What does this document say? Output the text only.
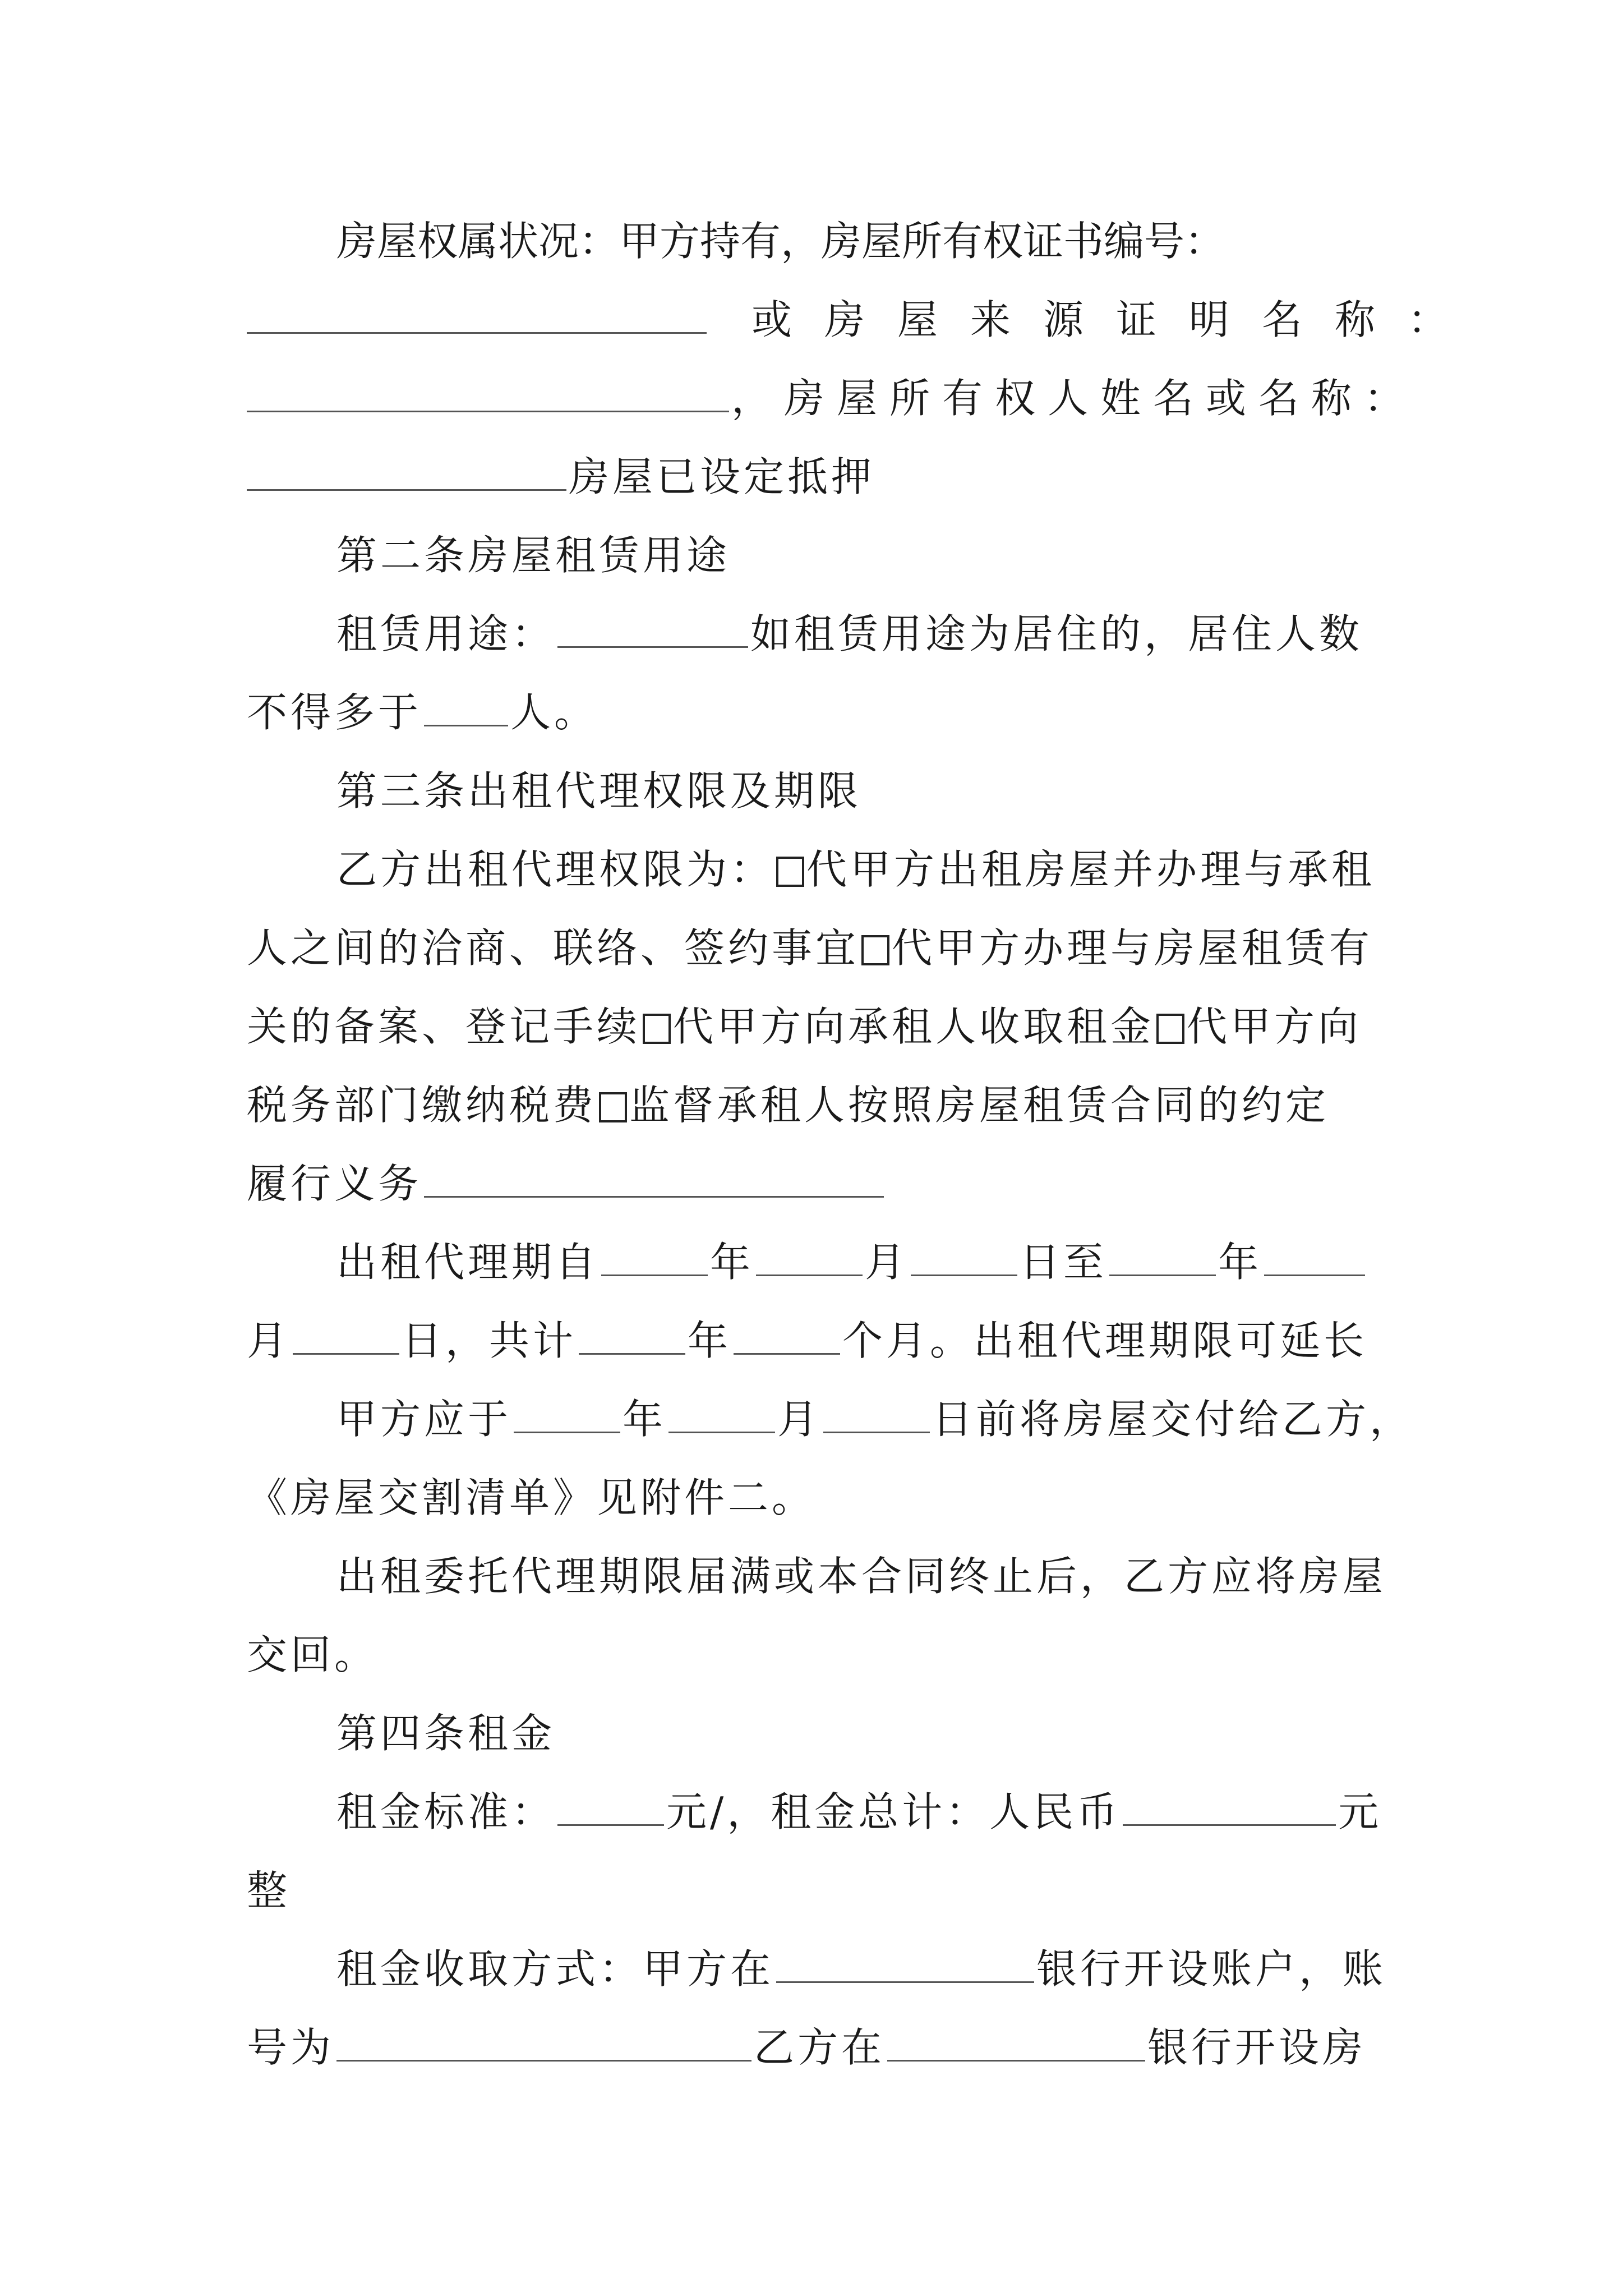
房屋权属状况：甲方持有，房屋所有权证书编号：
或房屋来源证明名称：
，房屋所有权人姓名或名称：
房屋已设定抵押
第二条房屋租赁用途
租赁用途：	如租赁用途为居住的，居住人数
不得多于 人。
第三条出租代理权限及期限
乙方出租代理权限为： 代甲方出租房屋并办理与承租
人之间的洽商、联络、签约事宜 代甲方办理与房屋租赁有
关的备案、登记手续 代甲方向承租人收取租金 代甲方向
税务部门缴纳税费 监督承租人按照房屋租赁合同的约定
履行义务
出租代理期自	年	月	日至	年
月	日，共计	年	个月。出租代理期限可延长
甲方应于	年	月	日前将房屋交付给乙方，
《房屋交割清单》见附件二。
出租委托代理期限届满或本合同终止后，乙方应将房屋
交回。
第四条租金
租金标准：	元/，租金总计：人民币	元
整
租金收取方式：甲方在	银行开设账户，账
号为	乙方在	银行开设房
